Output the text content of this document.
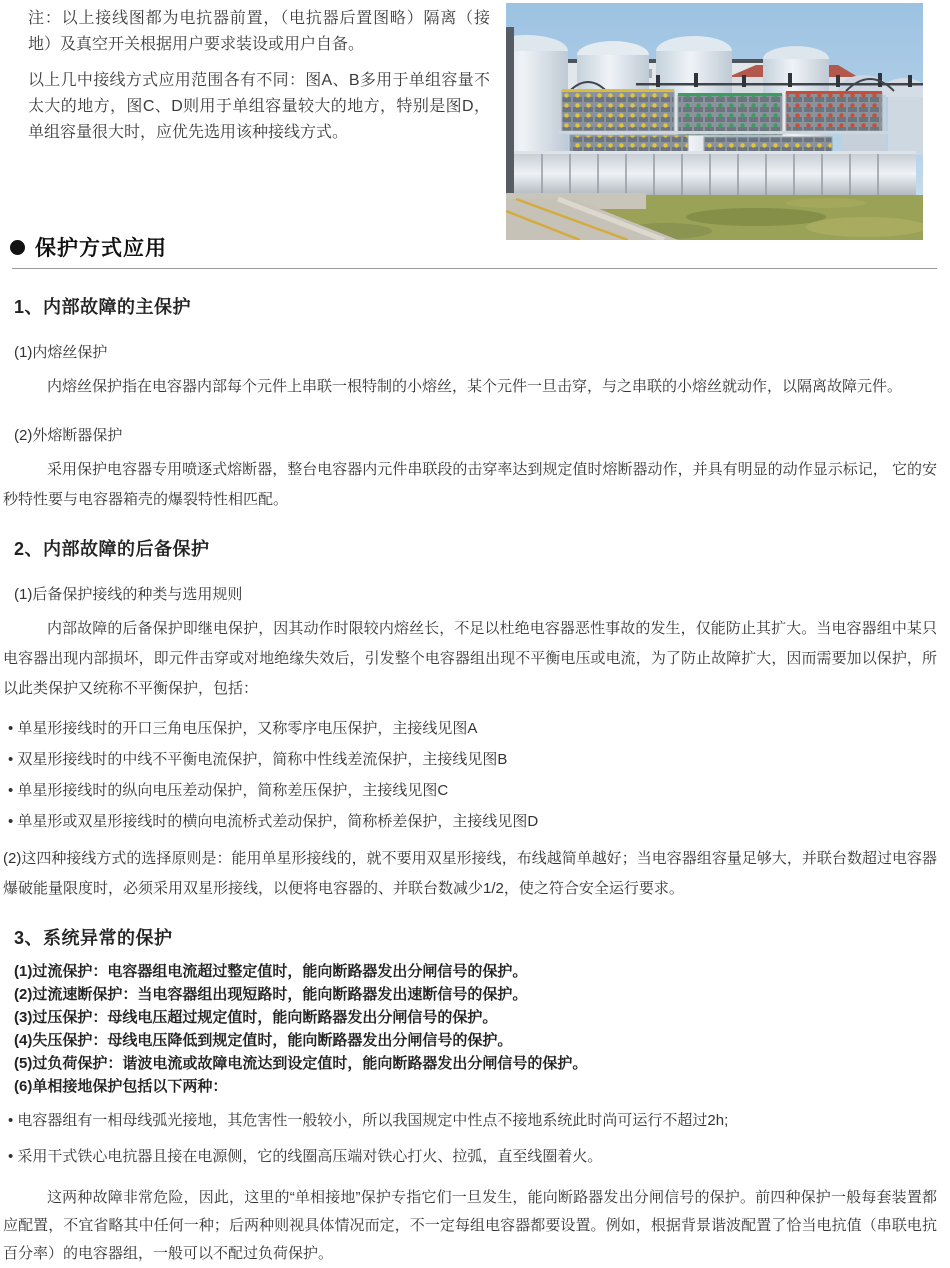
注：以上接线图都为电抗器前置，（电抗器后置图略）隔离（接地）及真空开关根据用户要求装设或用户自备。

以上几中接线方式应用范围各有不同：图A、B多用于单组容量不太大的地方，图C、D则用于单组容量较大的地方，特别是图D，单组容量很大时，应优先选用该种接线方式。

保护方式应用
1、内部故障的主保护

(1)内熔丝保护

内熔丝保护指在电容器内部每个元件上串联一根特制的小熔丝，某个元件一旦击穿，与之串联的小熔丝就动作，以隔离故障元件。

(2)外熔断器保护

采用保护电容器专用喷逐式熔断器，整台电容器内元件串联段的击穿率达到规定值时熔断器动作，并具有明显的动作显示标记， 它的安秒特性要与电容器箱壳的爆裂特性相匹配。

2、内部故障的后备保护

(1)后备保护接线的种类与选用规则

内部故障的后备保护即继电保护，因其动作时限较内熔丝长，不足以杜绝电容器恶性事故的发生，仅能防止其扩大。当电容器组中某只电容器出现内部损坏，即元件击穿或对地绝缘失效后，引发整个电容器组出现不平衡电压或电流，为了防止故障扩大，因而需要加以保护，所以此类保护又统称不平衡保护，包括：

• 单星形接线时的开口三角电压保护，又称零序电压保护，主接线见图A
• 双星形接线时的中线不平衡电流保护，简称中性线差流保护，主接线见图B
• 单星形接线时的纵向电压差动保护，简称差压保护，主接线见图C
• 单星形或双星形接线时的横向电流桥式差动保护，简称桥差保护，主接线见图D

(2)这四种接线方式的选择原则是：能用单星形接线的，就不要用双星形接线，布线越简单越好；当电容器组容量足够大，并联台数超过电容器爆破能量限度时，必须采用双星形接线，以便将电容器的、并联台数减少1/2，使之符合安全运行要求。

3、系统异常的保护

(1)过流保护：电容器组电流超过整定值时，能向断路器发出分闸信号的保护。

(2)过流速断保护：当电容器组出现短路时，能向断路器发出速断信号的保护。

(3)过压保护：母线电压超过规定值时，能向断路器发出分闸信号的保护。

(4)失压保护：母线电压降低到规定值时，能向断路器发出分闸信号的保护。

(5)过负荷保护：谐波电流或故障电流达到设定值时，能向断路器发出分闸信号的保护。

(6)单相接地保护包括以下两种：

• 电容器组有一相母线弧光接地，其危害性一般较小，所以我国规定中性点不接地系统此时尚可运行不超过2h;
• 采用干式铁心电抗器且接在电源侧，它的线圈高压端对铁心打火、拉弧，直至线圈着火。

这两种故障非常危险，因此，这里的“单相接地”保护专指它们一旦发生，能向断路器发出分闸信号的保护。前四种保护一般每套装置都应配置，不宜省略其中任何一种；后两种则视具体情况而定，不一定每组电容器都要设置。例如，根据背景谐波配置了恰当电抗值（串联电抗百分率）的电容器组，一般可以不配过负荷保护。
